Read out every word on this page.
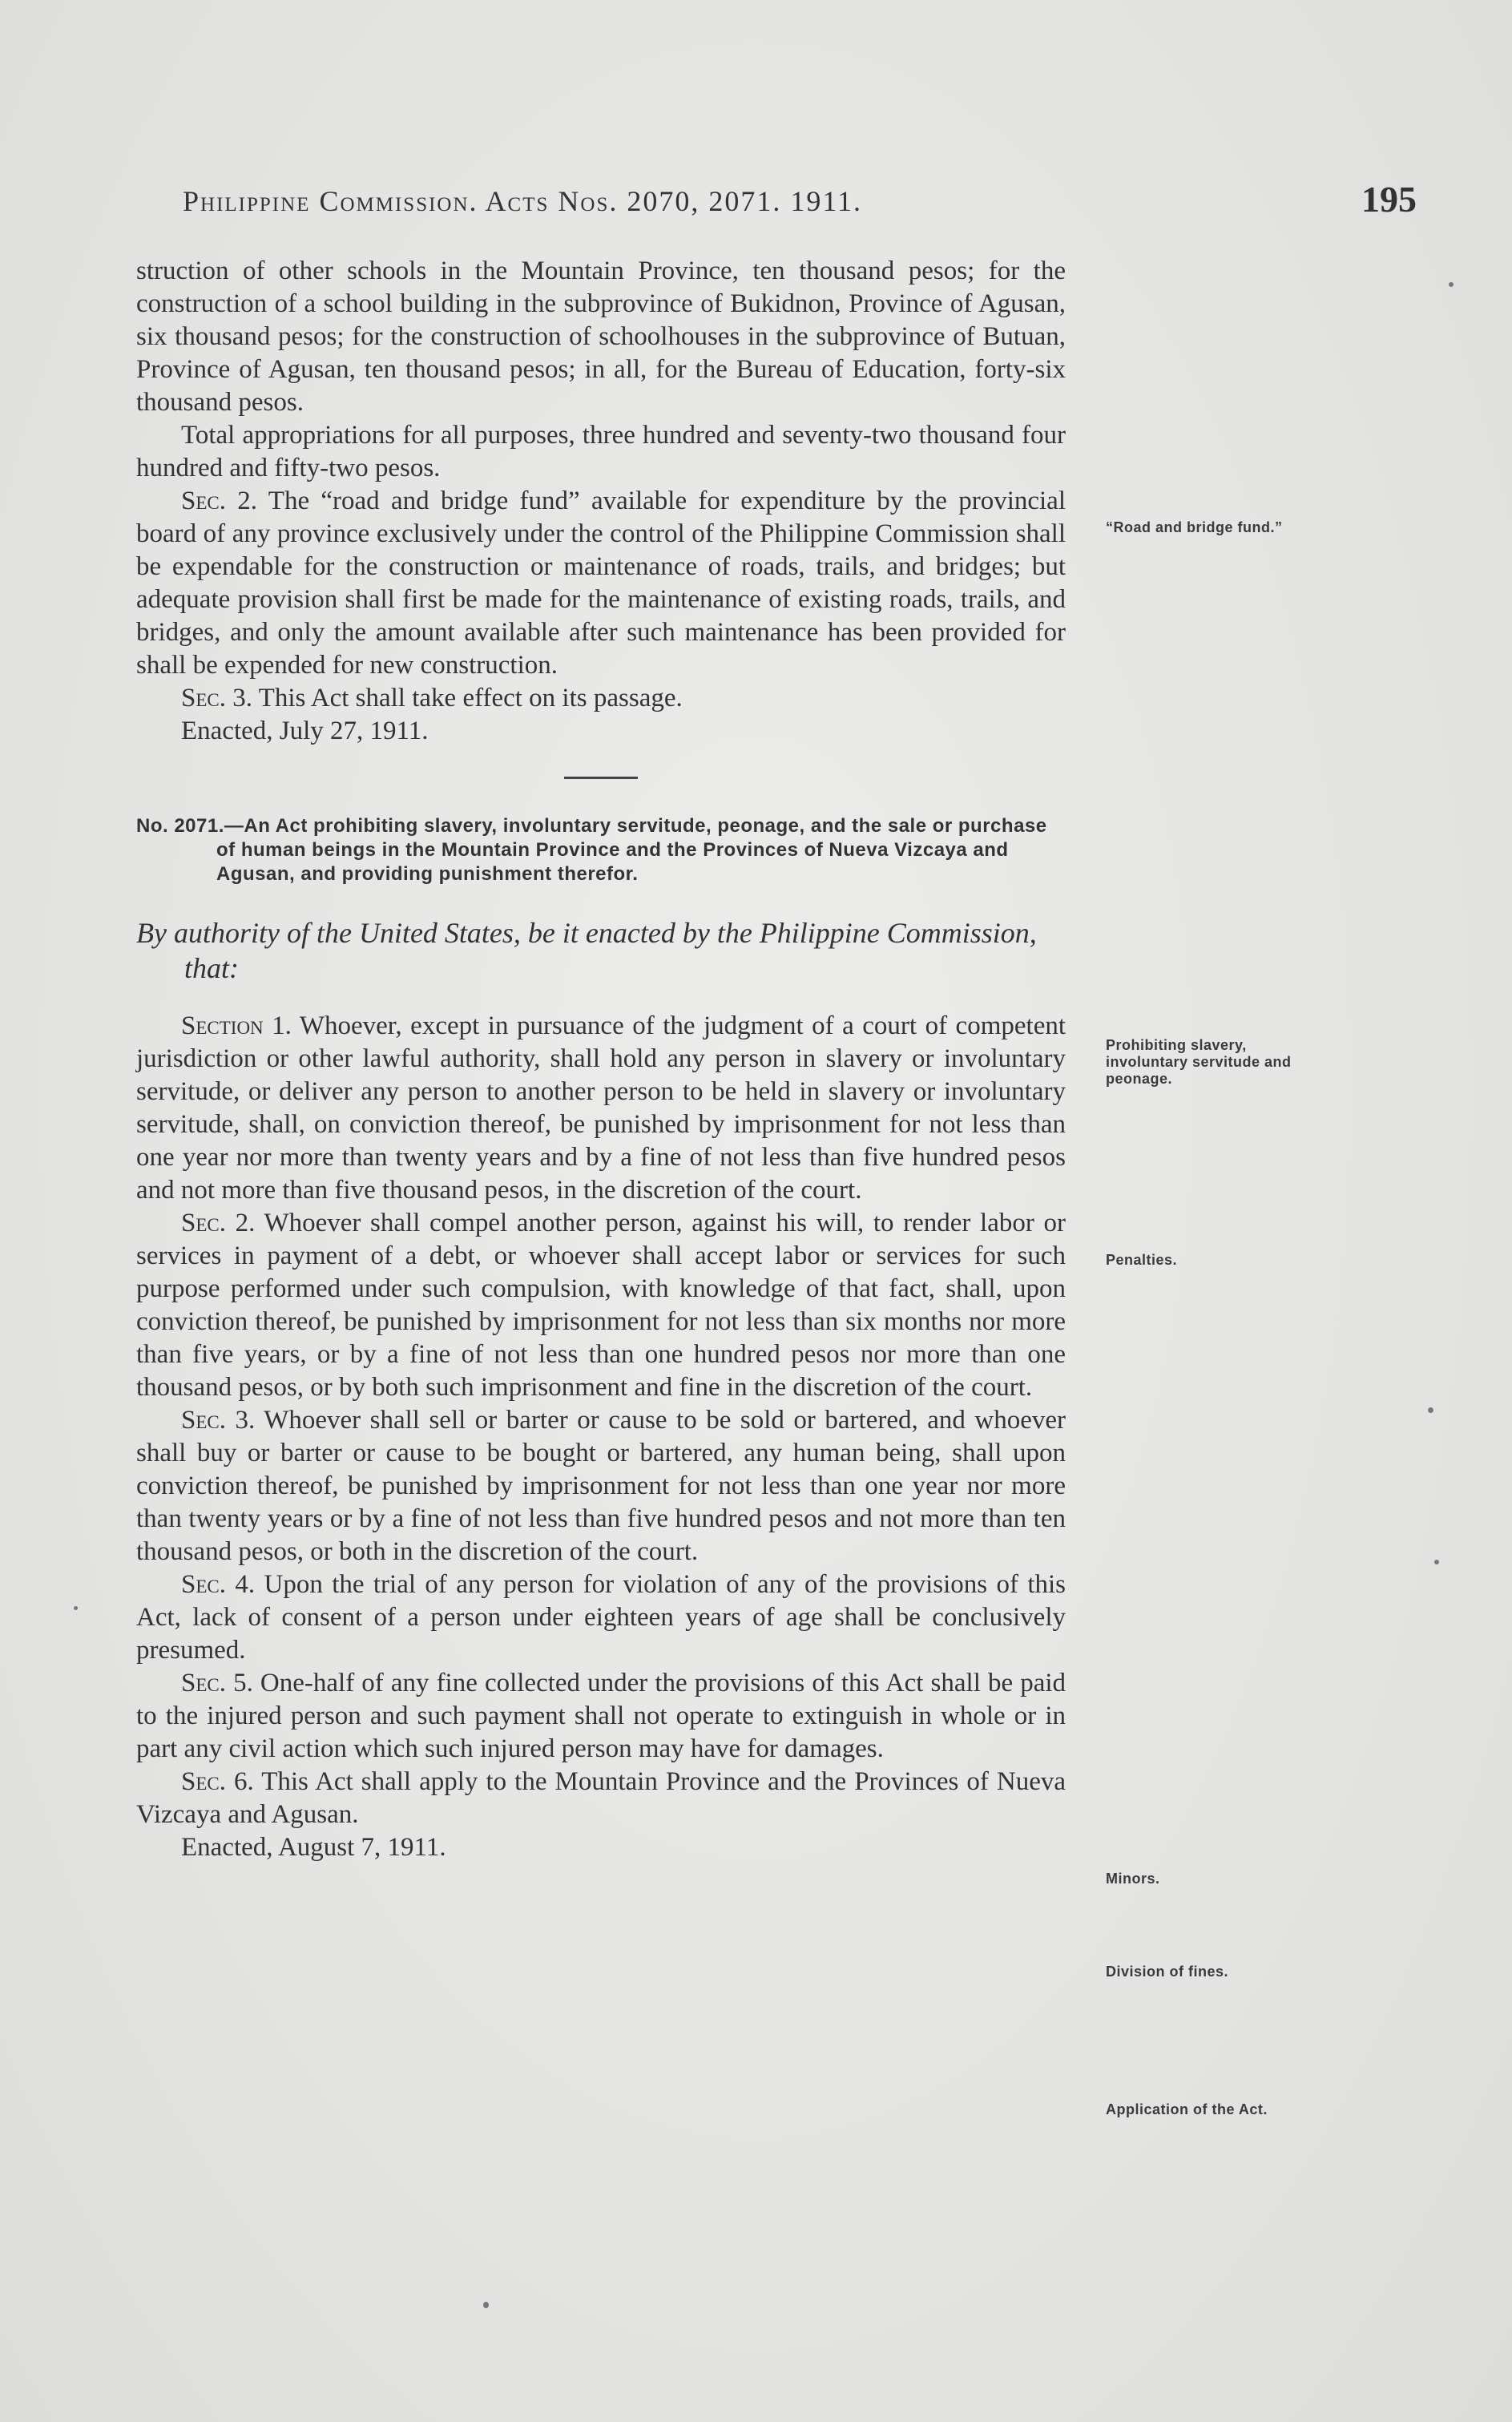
Philippine Commission. Acts Nos. 2070, 2071. 1911.	195

struction of other schools in the Mountain Province, ten thousand pesos; for the construction of a school building in the subprovince of Bukidnon, Province of Agusan, six thousand pesos; for the construction of schoolhouses in the subprovince of Butuan, Province of Agusan, ten thousand pesos; in all, for the Bureau of Education, forty-six thousand pesos.

Total appropriations for all purposes, three hundred and seventy-two thousand four hundred and fifty-two pesos.

Sec. 2. The “road and bridge fund” available for expenditure by the provincial board of any province exclusively under the control of the Philippine Commission shall be expendable for the construction or maintenance of roads, trails, and bridges; but adequate provision shall first be made for the maintenance of existing roads, trails, and bridges, and only the amount available after such maintenance has been provided for shall be expended for new construction.

Sec. 3. This Act shall take effect on its passage.

Enacted, July 27, 1911.

No. 2071.—An Act prohibiting slavery, involuntary servitude, peonage, and the sale or purchase of human beings in the Mountain Province and the Provinces of Nueva Vizcaya and Agusan, and providing punishment therefor.

By authority of the United States, be it enacted by the Philippine Commission, that:

Section 1. Whoever, except in pursuance of the judgment of a court of competent jurisdiction or other lawful authority, shall hold any person in slavery or involuntary servitude, or deliver any person to another person to be held in slavery or involuntary servitude, shall, on conviction thereof, be punished by imprisonment for not less than one year nor more than twenty years and by a fine of not less than five hundred pesos and not more than five thousand pesos, in the discretion of the court.

Sec. 2. Whoever shall compel another person, against his will, to render labor or services in payment of a debt, or whoever shall accept labor or services for such purpose performed under such compulsion, with knowledge of that fact, shall, upon conviction thereof, be punished by imprisonment for not less than six months nor more than five years, or by a fine of not less than one hundred pesos nor more than one thousand pesos, or by both such imprisonment and fine in the discretion of the court.

Sec. 3. Whoever shall sell or barter or cause to be sold or bartered, and whoever shall buy or barter or cause to be bought or bartered, any human being, shall upon conviction thereof, be punished by imprisonment for not less than one year nor more than twenty years or by a fine of not less than five hundred pesos and not more than ten thousand pesos, or both in the discretion of the court.

Sec. 4. Upon the trial of any person for violation of any of the provisions of this Act, lack of consent of a person under eighteen years of age shall be conclusively presumed.

Sec. 5. One-half of any fine collected under the provisions of this Act shall be paid to the injured person and such payment shall not operate to extinguish in whole or in part any civil action which such injured person may have for damages.

Sec. 6. This Act shall apply to the Mountain Province and the Provinces of Nueva Vizcaya and Agusan.

Enacted, August 7, 1911.

“Road and bridge fund.”
Prohibiting slavery, involuntary servitude and peonage.
Penalties.
Minors.
Division of fines.
Application of the Act.
